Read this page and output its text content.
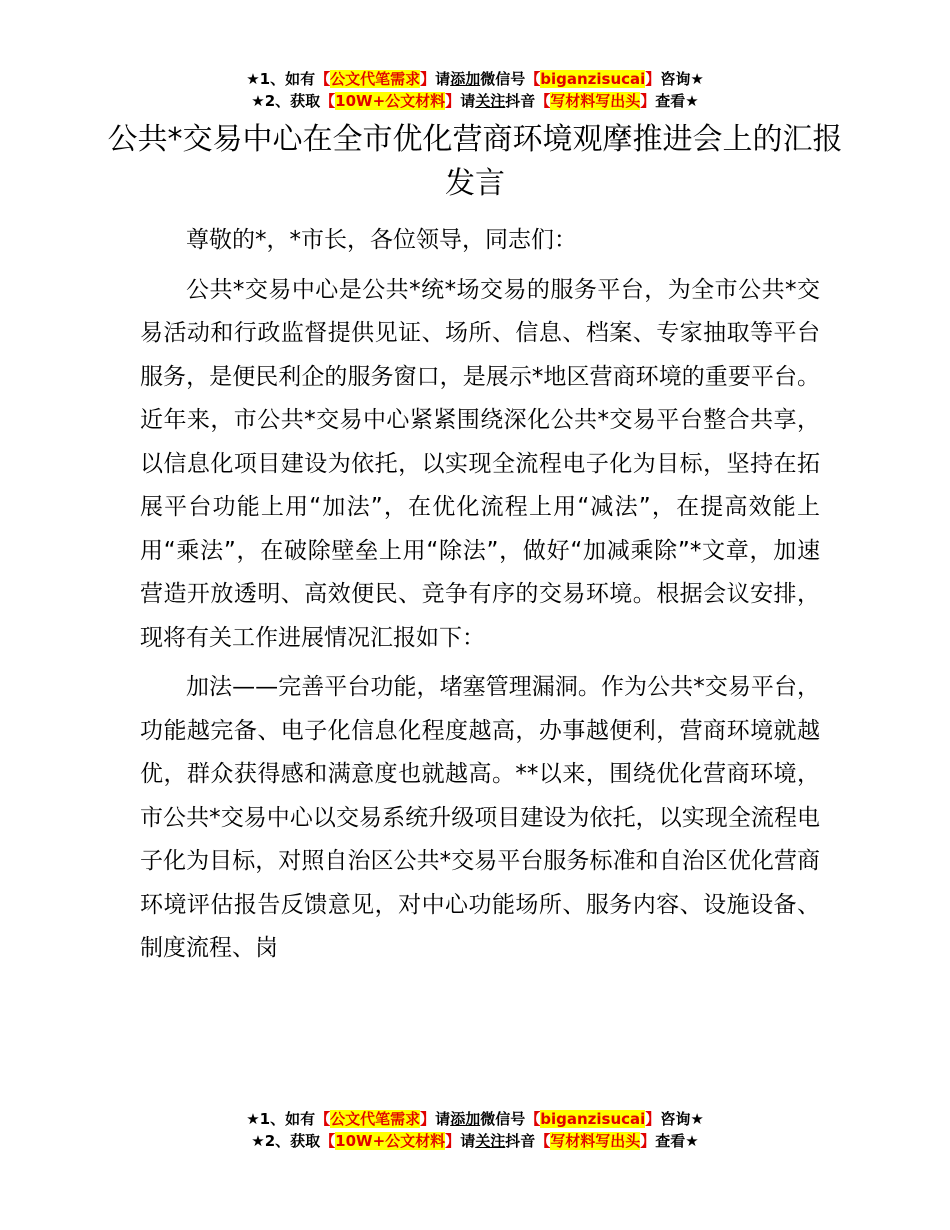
★1、如有【公文代笔需求】请添加微信号【biganzisucai】咨询★
★2、获取【10W+公文材料】请关注抖音【写材料写出头】查看★
公共*交易中心在全市优化营商环境观摩推进会上的汇报发言

尊敬的*，*市长，各位领导，同志们：

公共*交易中心是公共*统*场交易的服务平台，为全市公共*交易活动和行政监督提供见证、场所、信息、档案、专家抽取等平台服务，是便民利企的服务窗口，是展示*地区营商环境的重要平台。近年来，市公共*交易中心紧紧围绕深化公共*交易平台整合共享，以信息化项目建设为依托，以实现全流程电子化为目标，坚持在拓展平台功能上用“加法”，在优化流程上用“减法”，在提高效能上用“乘法”，在破除壁垒上用“除法”，做好“加减乘除”*文章，加速营造开放透明、高效便民、竞争有序的交易环境。根据会议安排，现将有关工作进展情况汇报如下：

加法——完善平台功能，堵塞管理漏洞。作为公共*交易平台，功能越完备、电子化信息化程度越高，办事越便利，营商环境就越优，群众获得感和满意度也就越高。**以来，围绕优化营商环境，市公共*交易中心以交易系统升级项目建设为依托，以实现全流程电子化为目标，对照自治区公共*交易平台服务标准和自治区优化营商环境评估报告反馈意见，对中心功能场所、服务内容、设施设备、制度流程、岗

★1、如有【公文代笔需求】请添加微信号【biganzisucai】咨询★
★2、获取【10W+公文材料】请关注抖音【写材料写出头】查看★
